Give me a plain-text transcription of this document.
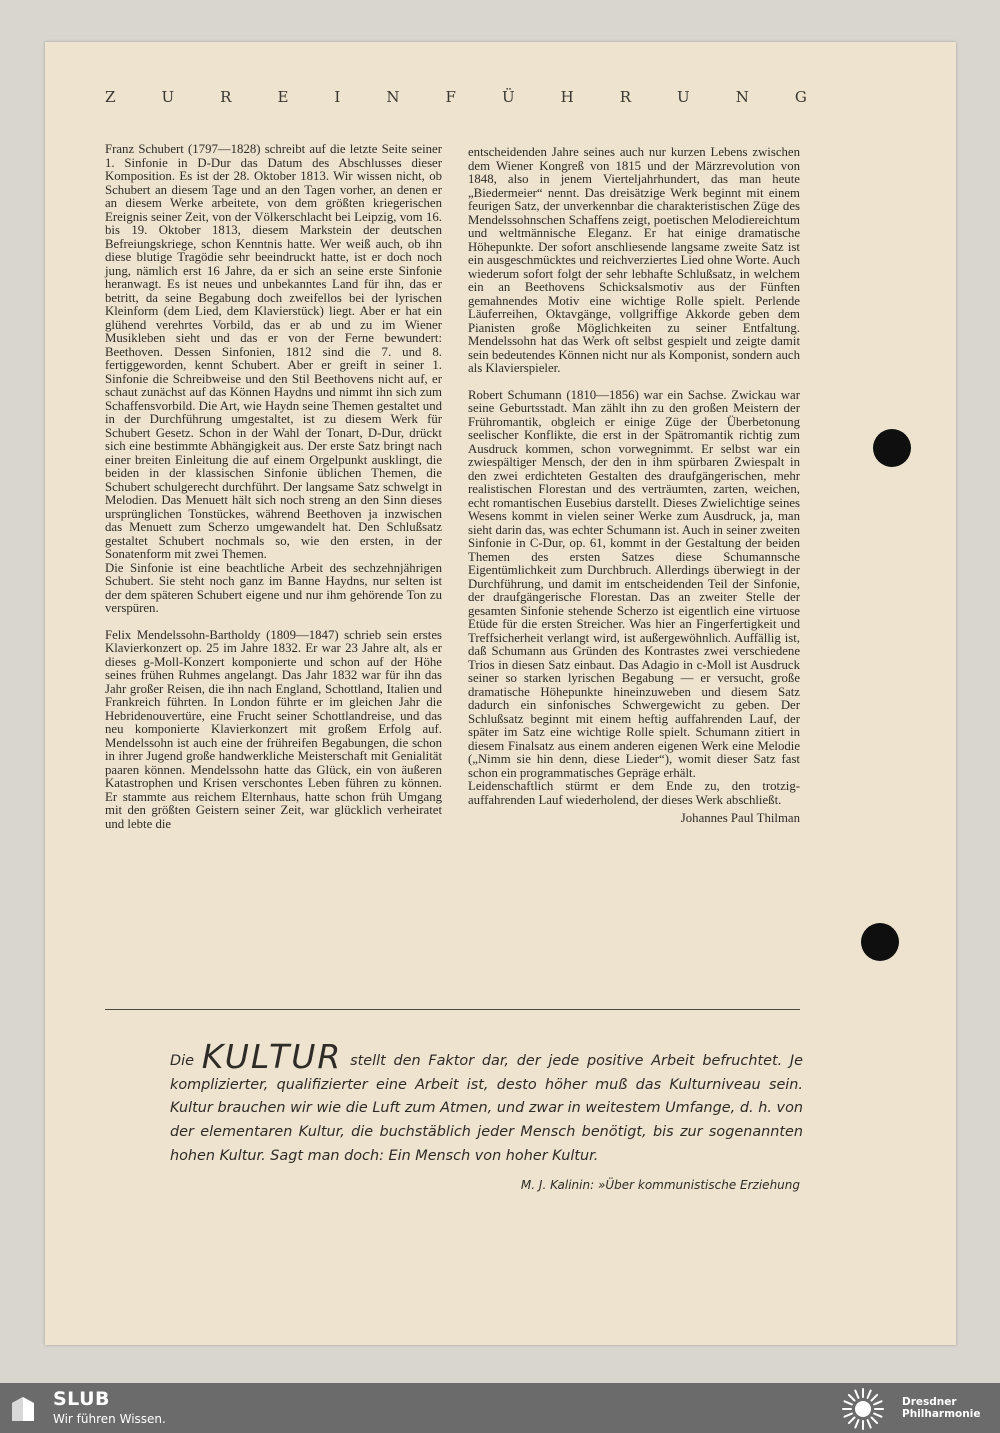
Z	U	R	E	I	N	F	Ü	H	R	U	N	G

Franz Schubert (1797—1828) schreibt auf die letzte Seite seiner 1. Sinfonie in D-Dur das Datum des Abschlusses dieser Komposition. Es ist der 28. Oktober 1813. Wir wissen nicht, ob Schubert an diesem Tage und an den Tagen vorher, an denen er an diesem Werke arbeitete, von dem größten kriegerischen Ereignis seiner Zeit, von der Völkerschlacht bei Leipzig, vom 16. bis 19. Oktober 1813, diesem Markstein der deutschen Befreiungskriege, schon Kenntnis hatte. Wer weiß auch, ob ihn diese blutige Tragödie sehr beeindruckt hatte, ist er doch noch jung, nämlich erst 16 Jahre, da er sich an seine erste Sinfonie heranwagt. Es ist neues und unbekanntes Land für ihn, das er betritt, da seine Begabung doch zweifellos bei der lyrischen Kleinform (dem Lied, dem Klavierstück) liegt. Aber er hat ein glühend verehrtes Vorbild, das er ab und zu im Wiener Musikleben sieht und das er von der Ferne bewundert: Beethoven. Dessen Sinfonien, 1812 sind die 7. und 8. fertiggeworden, kennt Schubert. Aber er greift in seiner 1. Sinfonie die Schreibweise und den Stil Beethovens nicht auf, er schaut zunächst auf das Können Haydns und nimmt ihn sich zum Schaffensvorbild. Die Art, wie Haydn seine Themen gestaltet und in der Durchführung umgestaltet, ist zu diesem Werk für Schubert Gesetz. Schon in der Wahl der Tonart, D-Dur, drückt sich eine bestimmte Abhängigkeit aus. Der erste Satz bringt nach einer breiten Einleitung die auf einem Orgelpunkt ausklingt, die beiden in der klassischen Sinfonie üblichen Themen, die Schubert schulgerecht durchführt. Der langsame Satz schwelgt in Melodien. Das Menuett hält sich noch streng an den Sinn dieses ursprünglichen Tonstückes, während Beethoven ja inzwischen das Menuett zum Scherzo umgewandelt hat. Den Schlußsatz gestaltet Schubert nochmals so, wie den ersten, in der Sonatenform mit zwei Themen.

Die Sinfonie ist eine beachtliche Arbeit des sechzehnjährigen Schubert. Sie steht noch ganz im Banne Haydns, nur selten ist der dem späteren Schubert eigene und nur ihm gehörende Ton zu verspüren.

Felix Mendelssohn-Bartholdy (1809—1847) schrieb sein erstes Klavierkonzert op. 25 im Jahre 1832. Er war 23 Jahre alt, als er dieses g-Moll-Konzert komponierte und schon auf der Höhe seines frühen Ruhmes angelangt. Das Jahr 1832 war für ihn das Jahr großer Reisen, die ihn nach England, Schottland, Italien und Frankreich führten. In London führte er im gleichen Jahr die Hebridenouvertüre, eine Frucht seiner Schottlandreise, und das neu komponierte Klavierkonzert mit großem Erfolg auf. Mendelssohn ist auch eine der frühreifen Begabungen, die schon in ihrer Jugend große handwerkliche Meisterschaft mit Genialität paaren können. Mendelssohn hatte das Glück, ein von äußeren Katastrophen und Krisen verschontes Leben führen zu können. Er stammte aus reichem Elternhaus, hatte schon früh Umgang mit den größten Geistern seiner Zeit, war glücklich verheiratet und lebte die

entscheidenden Jahre seines auch nur kurzen Lebens zwischen dem Wiener Kongreß von 1815 und der Märzrevolution von 1848, also in jenem Vierteljahrhundert, das man heute „Biedermeier“ nennt. Das dreisätzige Werk beginnt mit einem feurigen Satz, der unverkennbar die charakteristischen Züge des Mendelssohnschen Schaffens zeigt, poetischen Melodiereichtum und weltmännische Eleganz. Er hat einige dramatische Höhepunkte. Der sofort anschliesende langsame zweite Satz ist ein ausgeschmücktes und reichverziertes Lied ohne Worte. Auch wiederum sofort folgt der sehr lebhafte Schlußsatz, in welchem ein an Beethovens Schicksalsmotiv aus der Fünften gemahnendes Motiv eine wichtige Rolle spielt. Perlende Läuferreihen, Oktavgänge, vollgriffige Akkorde geben dem Pianisten große Möglichkeiten zu seiner Entfaltung. Mendelssohn hat das Werk oft selbst gespielt und zeigte damit sein bedeutendes Können nicht nur als Komponist, sondern auch als Klavierspieler.

Robert Schumann (1810—1856) war ein Sachse. Zwickau war seine Geburtsstadt. Man zählt ihn zu den großen Meistern der Frühromantik, obgleich er einige Züge der Überbetonung seelischer Konflikte, die erst in der Spätromantik richtig zum Ausdruck kommen, schon vorwegnimmt. Er selbst war ein zwiespältiger Mensch, der den in ihm spürbaren Zwiespalt in den zwei erdichteten Gestalten des draufgängerischen, mehr realistischen Florestan und des verträumten, zarten, weichen, echt romantischen Eusebius darstellt. Dieses Zwielichtige seines Wesens kommt in vielen seiner Werke zum Ausdruck, ja, man sieht darin das, was echter Schumann ist. Auch in seiner zweiten Sinfonie in C-Dur, op. 61, kommt in der Gestaltung der beiden Themen des ersten Satzes diese Schumannsche Eigentümlichkeit zum Durchbruch. Allerdings überwiegt in der Durchführung, und damit im entscheidenden Teil der Sinfonie, der draufgängerische Florestan. Das an zweiter Stelle der gesamten Sinfonie stehende Scherzo ist eigentlich eine virtuose Etüde für die ersten Streicher. Was hier an Fingerfertigkeit und Treffsicherheit verlangt wird, ist außergewöhnlich. Auffällig ist, daß Schumann aus Gründen des Kontrastes zwei verschiedene Trios in diesen Satz einbaut. Das Adagio in c-Moll ist Ausdruck seiner so starken lyrischen Begabung — er versucht, große dramatische Höhepunkte hineinzuweben und diesem Satz dadurch ein sinfonisches Schwergewicht zu geben. Der Schlußsatz beginnt mit einem heftig auffahrenden Lauf, der später im Satz eine wichtige Rolle spielt. Schumann zitiert in diesem Finalsatz aus einem anderen eigenen Werk eine Melodie („Nimm sie hin denn, diese Lieder“), womit dieser Satz fast schon ein programmatisches Gepräge erhält.

Leidenschaftlich stürmt er dem Ende zu, den trotzig-auffahrenden Lauf wiederholend, der dieses Werk abschließt.

Johannes Paul Thilman

Die KULTUR stellt den Faktor dar, der jede positive Arbeit befruchtet. Je komplizierter, qualifizierter eine Arbeit ist, desto höher muß das Kulturniveau sein. Kultur brauchen wir wie die Luft zum Atmen, und zwar in weitestem Umfange, d. h. von der elementaren Kultur, die buchstäblich jeder Mensch benötigt, bis zur sogenannten hohen Kultur. Sagt man doch: Ein Mensch von hoher Kultur.
M. J. Kalinin: »Über kommunistische Erziehung
SLUB
Wir führen Wissen.
Dresdner
Philharmonie
